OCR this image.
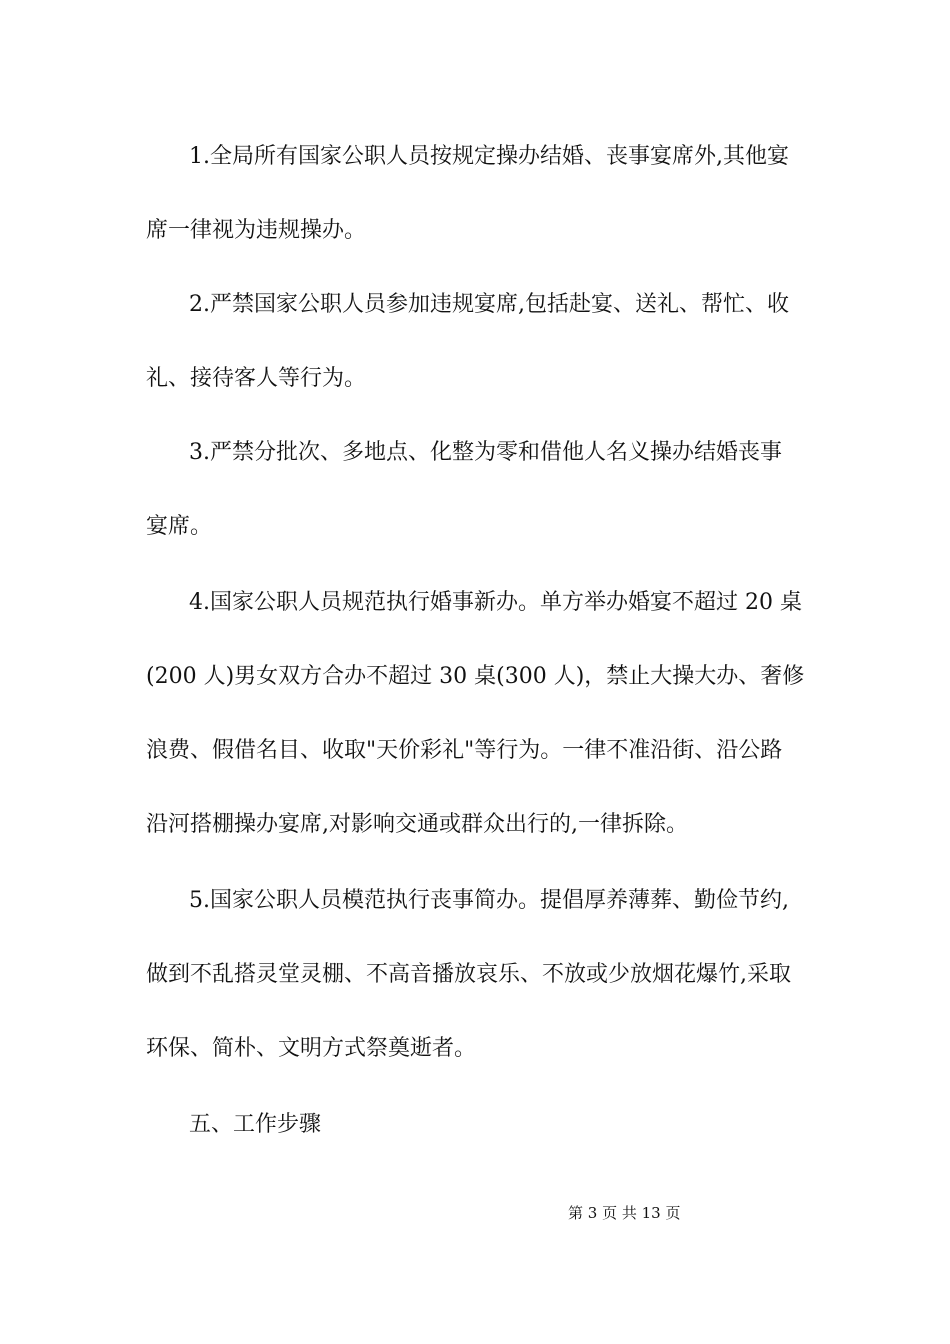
1.全局所有国家公职人员按规定操办结婚、丧事宴席外,其他宴
席一律视为违规操办。
2.严禁国家公职人员参加违规宴席,包括赴宴、送礼、帮忙、收
礼、接待客人等行为。
3.严禁分批次、多地点、化整为零和借他人名义操办结婚丧事
宴席。
4.国家公职人员规范执行婚事新办。单方举办婚宴不超过 20 桌
(200 人)男女双方合办不超过 30 桌(300 人)，禁止大操大办、奢修
浪费、假借名目、收取"天价彩礼"等行为。一律不准沿街、沿公路
沿河搭棚操办宴席,对影响交通或群众出行的,一律拆除。
5.国家公职人员模范执行丧事简办。提倡厚养薄葬、勤俭节约,
做到不乱搭灵堂灵棚、不高音播放哀乐、不放或少放烟花爆竹,采取
环保、简朴、文明方式祭奠逝者。
五、工作步骤
第 3 页 共 13 页
